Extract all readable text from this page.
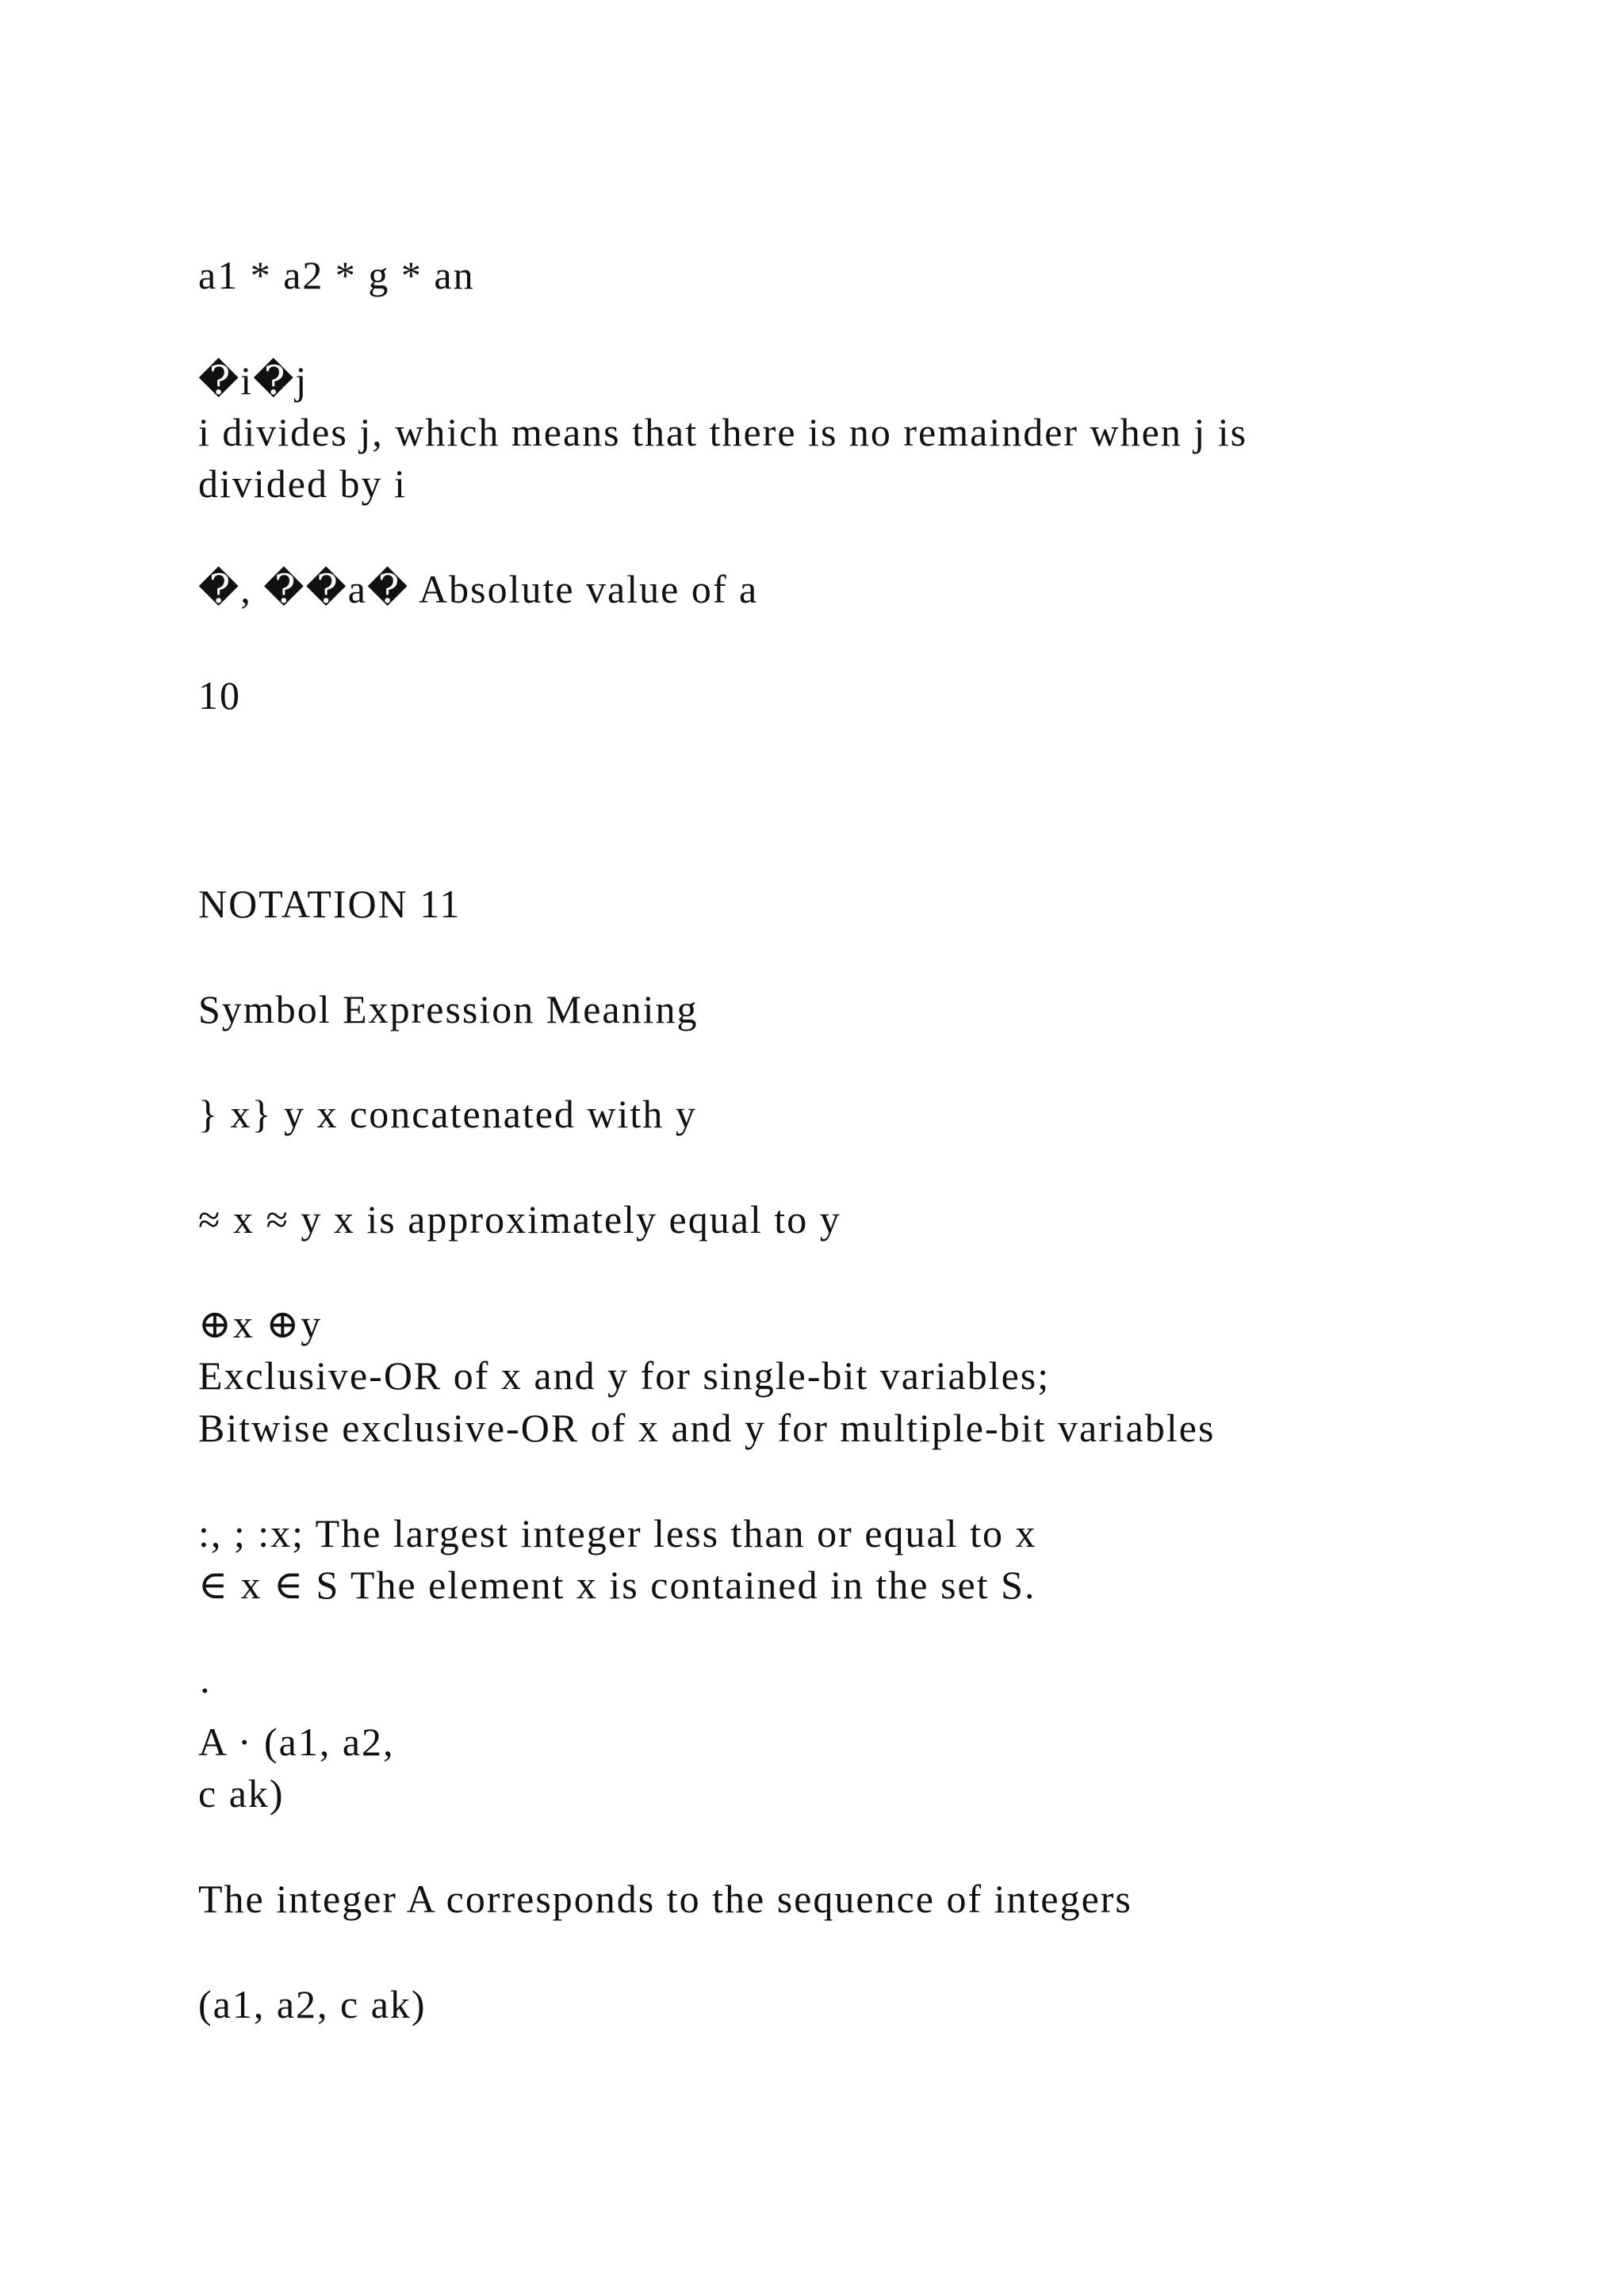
a1 * a2 * g * an

�i�j

i divides j, which means that there is no remainder when j is

divided by i

�, ��a� Absolute value of a

10

NOTATION 11

Symbol Expression Meaning

} x} y x concatenated with y

≈ x ≈ y x is approximately equal to y

⊕x ⊕y

Exclusive-OR of x and y for single-bit variables;

Bitwise exclusive-OR of x and y for multiple-bit variables

:, ; :x; The largest integer less than or equal to x

∈ x ∈ S The element x is contained in the set S.

·

A · (a1, a2,

c ak)

The integer A corresponds to the sequence of integers

(a1, a2, c ak)
